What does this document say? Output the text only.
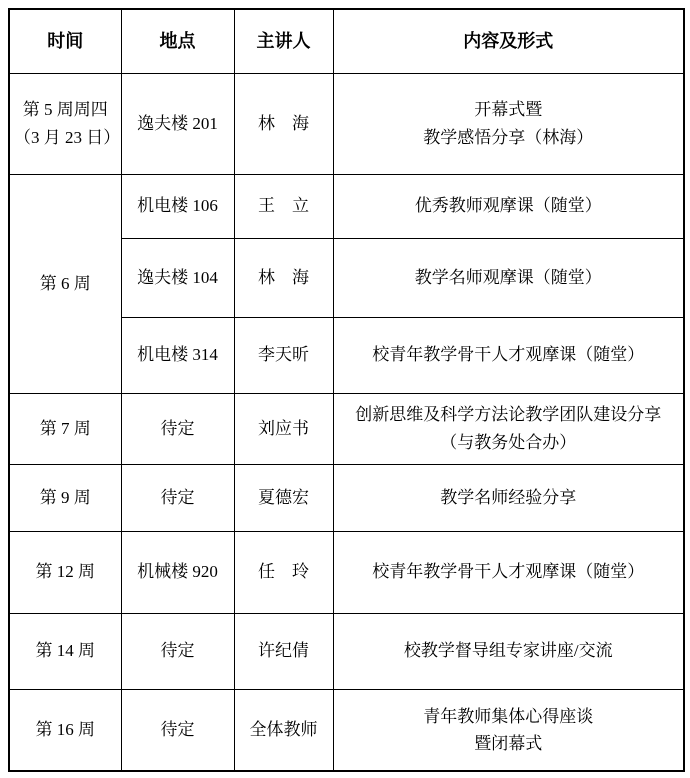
时间	地点	主讲人	内容及形式

第 5 周周四
（3 月 23 日）	逸夫楼 201	林　海	开幕式暨
教学感悟分享（林海）

第 6 周	机电楼 106	王　立	优秀教师观摩课（随堂）
	逸夫楼 104	林　海	教学名师观摩课（随堂）
	机电楼 314	李天昕	校青年教学骨干人才观摩课（随堂）
第 7 周	待定	刘应书	创新思维及科学方法论教学团队建设分享
（与教务处合办）

第 9 周	待定	夏德宏	教学名师经验分享
第 12 周	机械楼 920	任　玲	校青年教学骨干人才观摩课（随堂）
第 14 周	待定	许纪倩	校教学督导组专家讲座/交流
第 16 周	待定	全体教师	青年教师集体心得座谈
暨闭幕式
